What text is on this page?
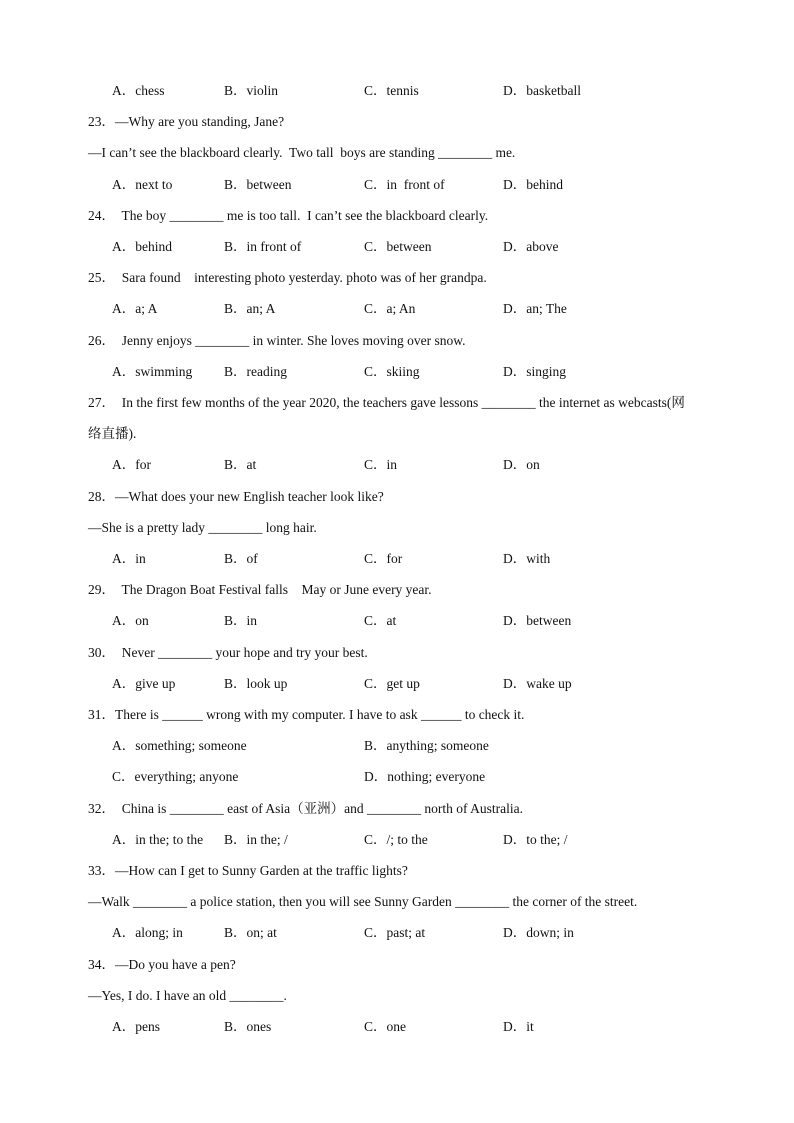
A．chess	B．violin	C．tennis	D．basketball
23．—Why are you standing, Jane?
—I can’t see the blackboard clearly.  Two tall  boys are standing ________ me.
A．next to	B．between	C．in  front of	D．behind
24．  The boy ________ me is too tall.  I can’t see the blackboard clearly.
A．behind	B．in front of	C．between	D．above
25．  Sara found    interesting photo yesterday. photo was of her grandpa.
A．a; A	B．an; A	C．a; An	D．an; The
26．  Jenny enjoys ________ in winter. She loves moving over snow.
A．swimming B．reading	C．skiing	D．singing
27．  In the first few months of the year 2020, the teachers gave lessons ________ the internet as webcasts(网
络直播).
A．for	B．at	C．in	D．on
28．—What does your new English teacher look like?
—She is a pretty lady ________ long hair.
A．in	B．of	C．for	D．with
29．  The Dragon Boat Festival falls    May or June every year.
A．on	B．in	C．at	D．between
30．  Never ________ your hope and try your best.
A．give up	B．look up	C．get up	D．wake up
31．There is ______ wrong with my computer. I have to ask ______ to check it.
A．something; someone	B．anything; someone
C．everything; anyone	D．nothing; everyone
32．  China is ________ east of Asia（亚洲）and ________ north of Australia.
A．in the; to the B．in the; /	C．/; to the	D．to the; /
33．—How can I get to Sunny Garden at the traffic lights?
—Walk ________ a police station, then you will see Sunny Garden ________ the corner of the street.
A．along; in	B．on; at	C．past; at	D．down; in
34．—Do you have a pen?
—Yes, I do. I have an old ________.
A．pens	B．ones	C．one	D．it
